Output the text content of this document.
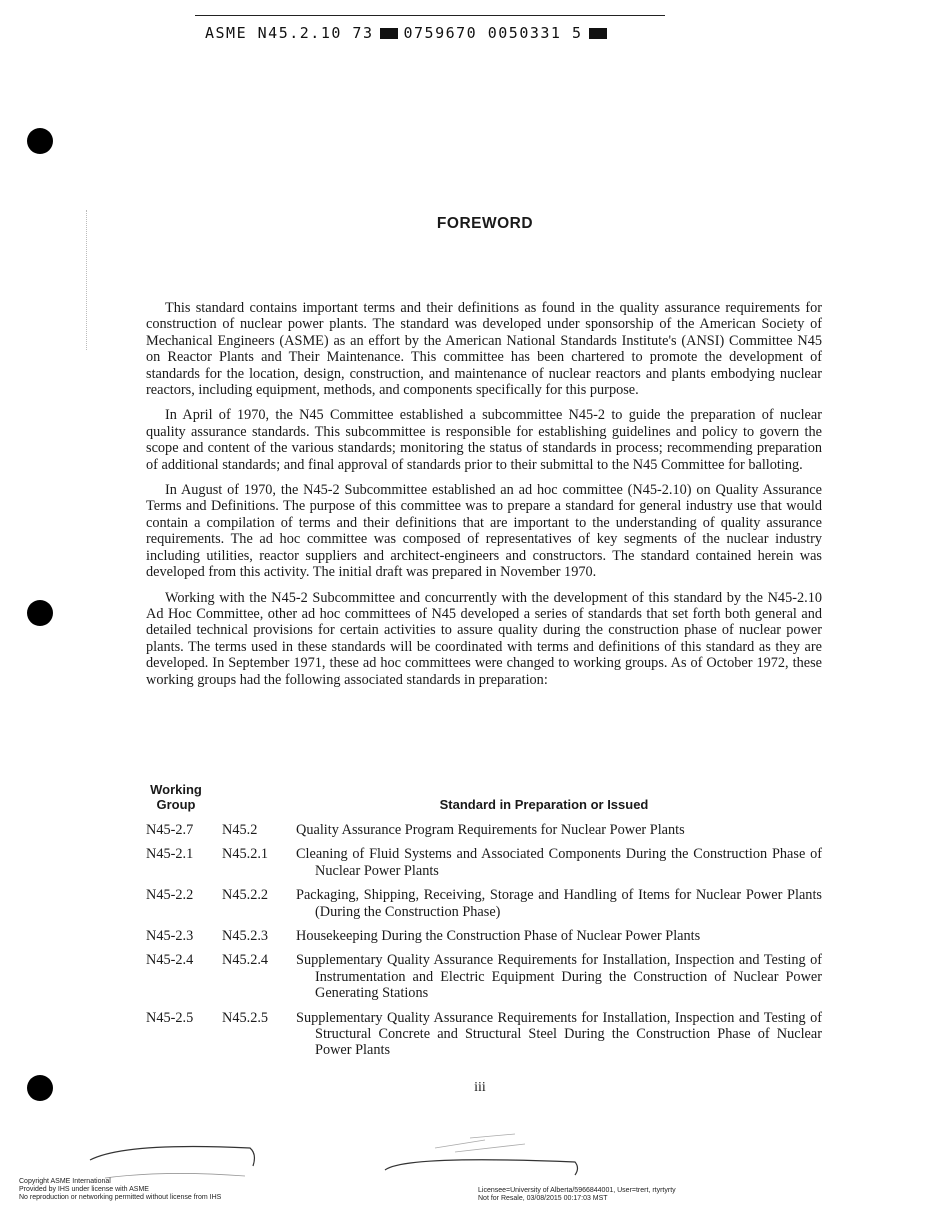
ASME N45.2.10 73 0759670 0050331 5
FOREWORD

This standard contains important terms and their definitions as found in the quality assurance requirements for construction of nuclear power plants. The standard was developed under sponsorship of the American Society of Mechanical Engineers (ASME) as an effort by the American National Standards Institute's (ANSI) Committee N45 on Reactor Plants and Their Maintenance. This committee has been chartered to promote the development of standards for the location, design, construction, and maintenance of nuclear reactors and plants embodying nuclear reactors, including equipment, methods, and components specifically for this purpose.

In April of 1970, the N45 Committee established a subcommittee N45-2 to guide the preparation of nuclear quality assurance standards. This subcommittee is responsible for establishing guidelines and policy to govern the scope and content of the various standards; monitoring the status of standards in process; recommending preparation of additional standards; and final approval of standards prior to their submittal to the N45 Committee for balloting.

In August of 1970, the N45-2 Subcommittee established an ad hoc committee (N45-2.10) on Quality Assurance Terms and Definitions. The purpose of this committee was to prepare a standard for general industry use that would contain a compilation of terms and their definitions that are important to the understanding of quality assurance requirements. The ad hoc committee was composed of representatives of key segments of the nuclear industry including utilities, reactor suppliers and architect-engineers and constructors. The standard contained herein was developed from this activity. The initial draft was prepared in November 1970.

Working with the N45-2 Subcommittee and concurrently with the development of this standard by the N45-2.10 Ad Hoc Committee, other ad hoc committees of N45 developed a series of standards that set forth both general and detailed technical provisions for certain activities to assure quality during the construction phase of nuclear power plants. The terms used in these standards will be coordinated with terms and definitions of this standard as they are developed. In September 1971, these ad hoc committees were changed to working groups. As of October 1972, these working groups had the following associated standards in preparation:

Working Group	Standard in Preparation or Issued
N45-2.7	N45.2	Quality Assurance Program Requirements for Nuclear Power Plants
N45-2.1	N45.2.1	Cleaning of Fluid Systems and Associated Components During the Construction Phase of Nuclear Power Plants
N45-2.2	N45.2.2	Packaging, Shipping, Receiving, Storage and Handling of Items for Nuclear Power Plants (During the Construction Phase)
N45-2.3	N45.2.3	Housekeeping During the Construction Phase of Nuclear Power Plants
N45-2.4	N45.2.4	Supplementary Quality Assurance Requirements for Installation, Inspection and Testing of Instrumentation and Electric Equipment During the Construction of Nuclear Power Generating Stations
N45-2.5	N45.2.5	Supplementary Quality Assurance Requirements for Installation, Inspection and Testing of Structural Concrete and Structural Steel During the Construction Phase of Nuclear Power Plants
iii
Copyright ASME International
Provided by IHS under license with ASME
No reproduction or networking permitted without license from IHS
Licensee=University of Alberta/5966844001, User=trert, rtyrtyrty
Not for Resale, 03/08/2015 00:17:03 MST
